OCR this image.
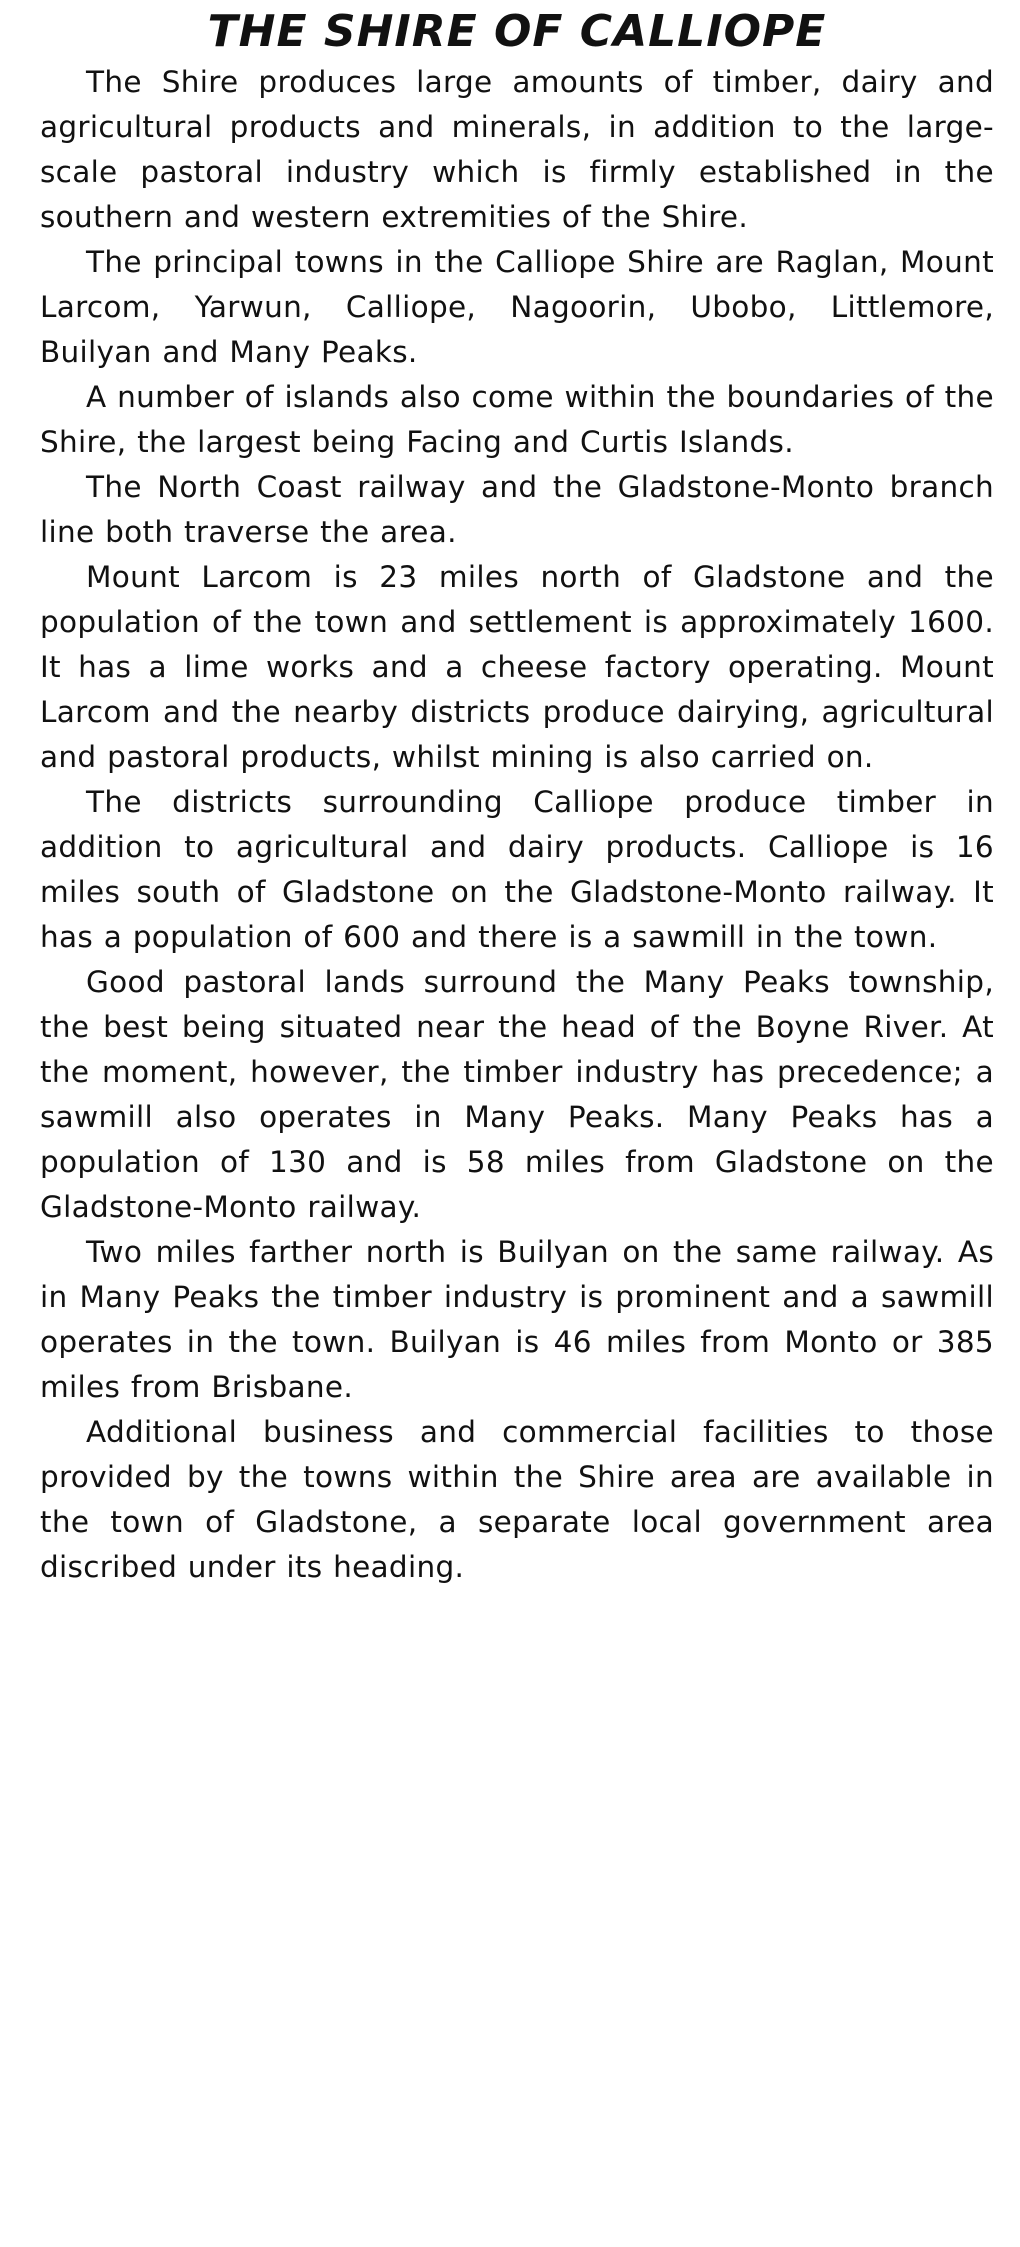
THE SHIRE OF CALLIOPE

The Shire produces large amounts of timber, dairy and agricultural products and minerals, in addition to the large-scale pastoral industry which is firmly established in the southern and western extremities of the Shire.

The principal towns in the Calliope Shire are Raglan, Mount Larcom, Yarwun, Calliope, Nagoorin, Ubobo, Littlemore, Builyan and Many Peaks.

A number of islands also come within the boundaries of the Shire, the largest being Facing and Curtis Islands.

The North Coast railway and the Gladstone-Monto branch line both traverse the area.

Mount Larcom is 23 miles north of Gladstone and the population of the town and settlement is approximately 1600. It has a lime works and a cheese factory operating. Mount Larcom and the nearby districts produce dairying, agricultural and pastoral products, whilst mining is also carried on.

The districts surrounding Calliope produce timber in addition to agricultural and dairy products. Calliope is 16 miles south of Gladstone on the Gladstone-Monto railway. It has a population of 600 and there is a sawmill in the town.

Good pastoral lands surround the Many Peaks township, the best being situated near the head of the Boyne River. At the moment, however, the timber industry has precedence; a sawmill also operates in Many Peaks. Many Peaks has a population of 130 and is 58 miles from Gladstone on the Gladstone-Monto railway.

Two miles farther north is Builyan on the same railway. As in Many Peaks the timber industry is prominent and a sawmill operates in the town. Builyan is 46 miles from Monto or 385 miles from Brisbane.

Additional business and commercial facilities to those provided by the towns within the Shire area are available in the town of Gladstone, a separate local government area discribed under its heading.
